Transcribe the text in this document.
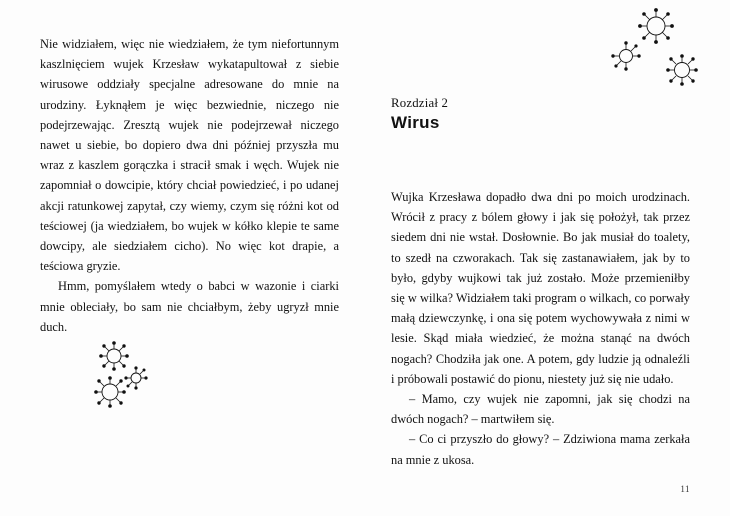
Nie widziałem, więc nie wiedziałem, że tym niefortunnym kaszlnięciem wujek Krzesław wykatapultował z siebie wirusowe oddziały specjalne adresowane do mnie na urodziny. Łyknąłem je więc bezwiednie, niczego nie podejrzewając. Zresztą wujek nie podejrzewał niczego nawet u siebie, bo dopiero dwa dni później przyszła mu wraz z kaszlem gorączka i stracił smak i węch. Wujek nie zapomniał o dowcipie, który chciał powiedzieć, i po udanej akcji ratunkowej zapytał, czy wiemy, czym się różni kot od teściowej (ja wiedziałem, bo wujek w kółko klepie te same dowcipy, ale siedziałem cicho). No więc kot drapie, a teściowa gryzie.

Hmm, pomyślałem wtedy o babci w wazonie i ciarki mnie obleciały, bo sam nie chciałbym, żeby ugryzł mnie duch.

Rozdział 2
Wirus

Wujka Krzesława dopadło dwa dni po moich urodzinach. Wrócił z pracy z bólem głowy i jak się położył, tak przez siedem dni nie wstał. Dosłownie. Bo jak musiał do toalety, to szedł na czworakach. Tak się zastanawiałem, jak by to było, gdyby wujkowi tak już zostało. Może przemieniłby się w wilka? Widziałem taki program o wilkach, co porwały małą dziewczynkę, i ona się potem wychowywała z nimi w lesie. Skąd miała wiedzieć, że można stanąć na dwóch nogach? Chodziła jak one. A potem, gdy ludzie ją odnaleźli i próbowali postawić do pionu, niestety już się nie udało.

– Mamo, czy wujek nie zapomni, jak się chodzi na dwóch nogach? – martwiłem się.

– Co ci przyszło do głowy? – Zdziwiona mama zerkała na mnie z ukosa.

11
